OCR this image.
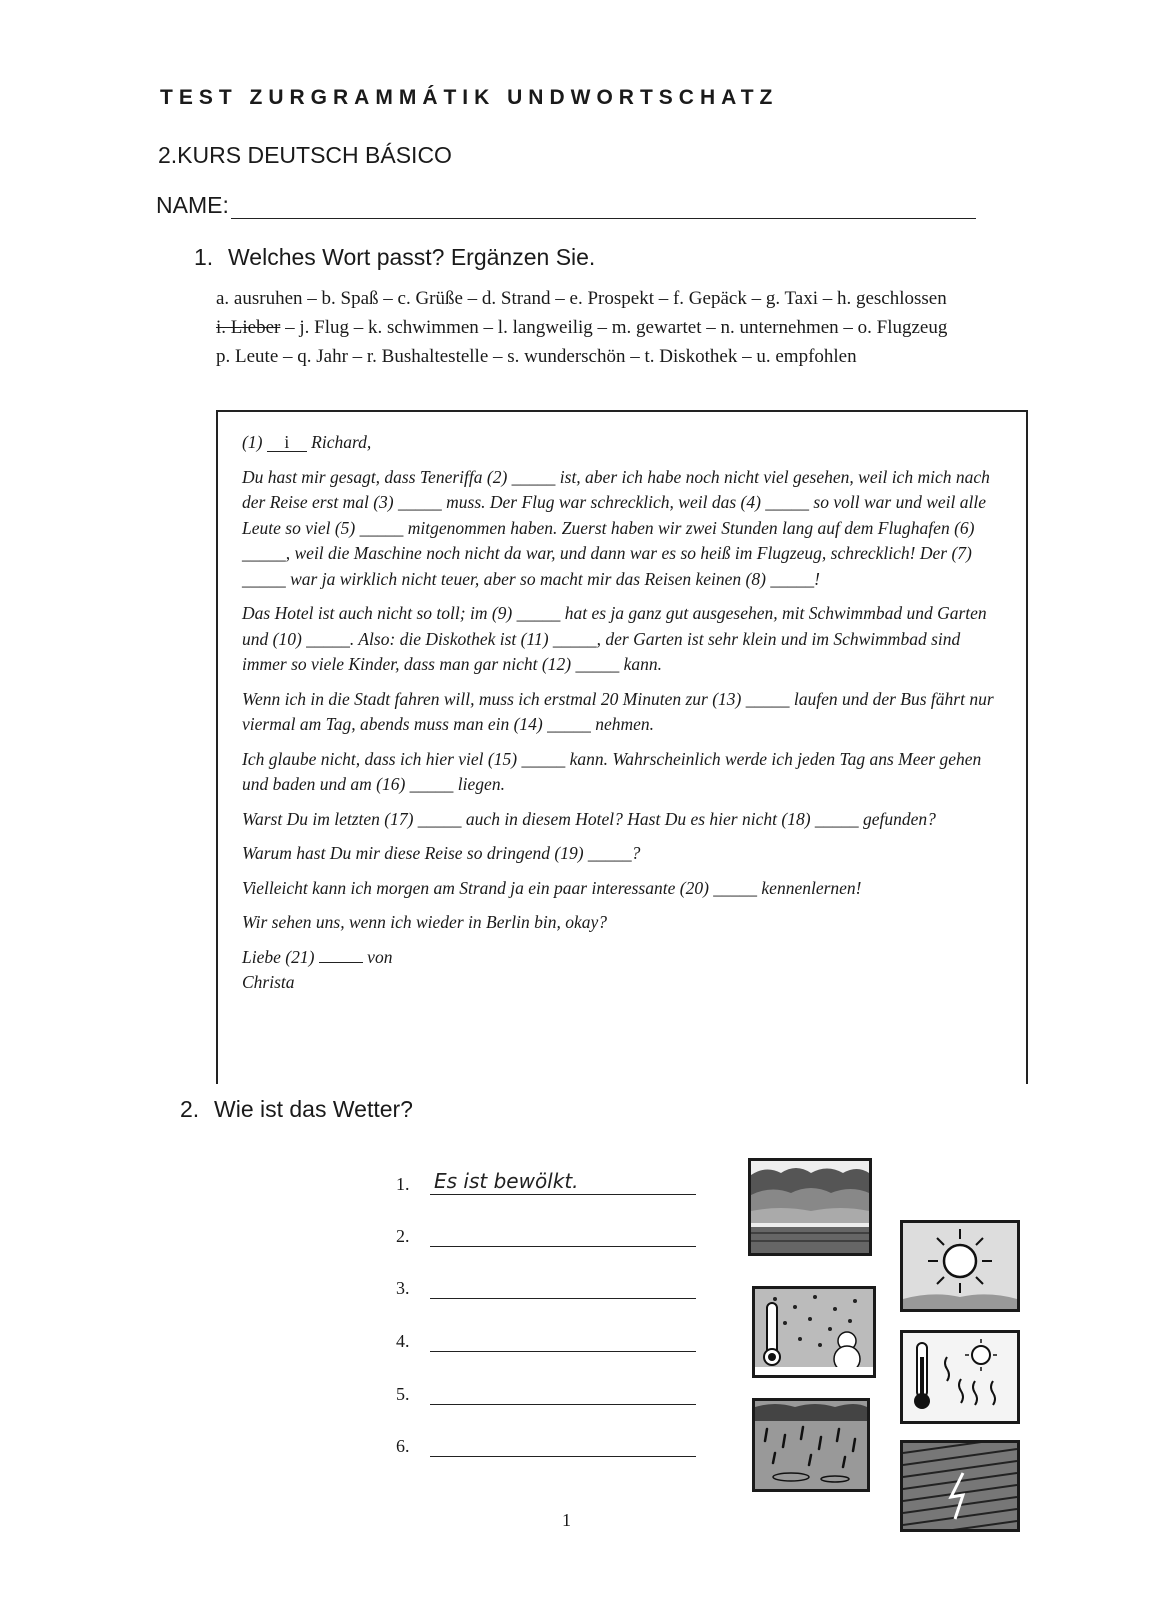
TEST ZURGRAMMÁTIK UNDWORTSCHATZ
2.KURS DEUTSCH BÁSICO
NAME:
1. Welches Wort passt? Ergänzen Sie.
a. ausruhen – b. Spaß – c. Grüße – d. Strand – e. Prospekt – f. Gepäck – g. Taxi – h. geschlossen
i. Lieber – j. Flug – k. schwimmen – l. langweilig – m. gewartet – n. unternehmen – o. Flugzeug
p. Leute – q. Jahr – r. Bushaltestelle – s. wunderschön – t. Diskothek – u. empfohlen

(1) i Richard,

Du hast mir gesagt, dass Teneriffa (2) _____ ist, aber ich habe noch nicht viel gesehen, weil ich mich nach der Reise erst mal (3) _____ muss. Der Flug war schrecklich, weil das (4) _____ so voll war und weil alle Leute so viel (5) _____ mitgenommen haben. Zuerst haben wir zwei Stunden lang auf dem Flughafen (6) _____, weil die Maschine noch nicht da war, und dann war es so heiß im Flugzeug, schrecklich! Der (7) _____ war ja wirklich nicht teuer, aber so macht mir das Reisen keinen (8) _____!

Das Hotel ist auch nicht so toll; im (9) _____ hat es ja ganz gut ausgesehen, mit Schwimmbad und Garten und (10) _____. Also: die Diskothek ist (11) _____, der Garten ist sehr klein und im Schwimmbad sind immer so viele Kinder, dass man gar nicht (12) _____ kann.

Wenn ich in die Stadt fahren will, muss ich erstmal 20 Minuten zur (13) _____ laufen und der Bus fährt nur viermal am Tag, abends muss man ein (14) _____ nehmen.

Ich glaube nicht, dass ich hier viel (15) _____ kann. Wahrscheinlich werde ich jeden Tag ans Meer gehen und baden und am (16) _____ liegen.

Warst Du im letzten (17) _____ auch in diesem Hotel? Hast Du es hier nicht (18) _____ gefunden?

Warum hast Du mir diese Reise so dringend (19) _____?

Vielleicht kann ich morgen am Strand ja ein paar interessante (20) _____ kennenlernen!

Wir sehen uns, wenn ich wieder in Berlin bin, okay?

Liebe (21)	von
Christa
2. Wie ist das Wetter?
1.	Es ist bewölkt.
2.
3.
4.
5.
6.
1
